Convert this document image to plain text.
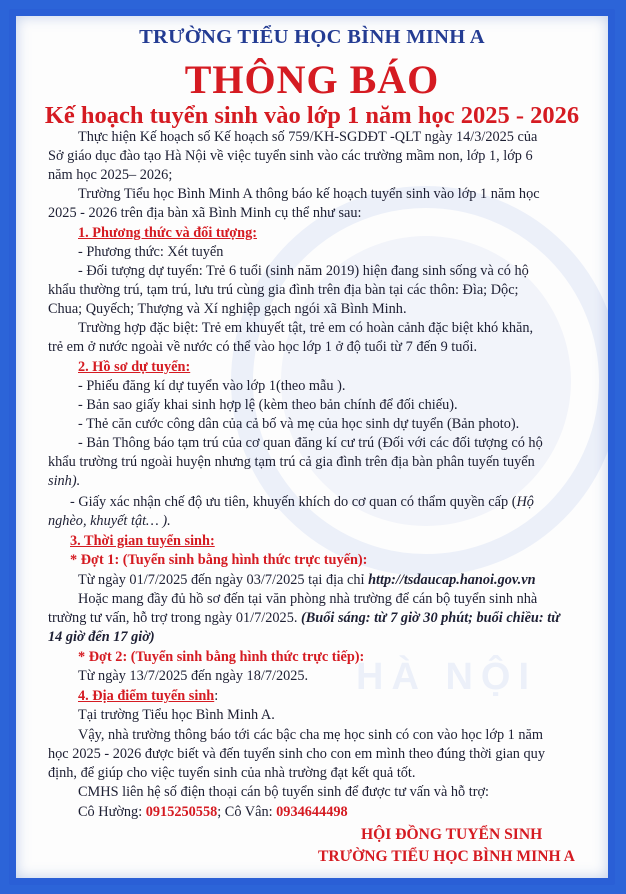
HÀ NỘI
TRƯỜNG TIỂU HỌC BÌNH MINH A
THÔNG BÁO
Kế hoạch tuyển sinh vào lớp 1 năm học 2025 - 2026
Thực hiện Kế hoạch số Kế hoạch số 759/KH-SGDĐT -QLT ngày 14/3/2025 của
Sở giáo dục đào tạo Hà Nội về việc tuyển sinh vào các trường mầm non, lớp 1, lớp 6
năm học 2025– 2026;
Trường Tiểu học Bình Minh A thông báo kế hoạch tuyển sinh vào lớp 1 năm học
2025 - 2026 trên địa bàn xã Bình Minh cụ thể như sau:
1. Phương thức và đối tượng:
- Phương thức: Xét tuyển
- Đối tượng dự tuyển: Trẻ 6 tuổi (sinh năm 2019) hiện đang sinh sống và có hộ
khẩu thường trú, tạm trú, lưu trú cùng gia đình trên địa bàn tại các thôn: Đìa; Dộc;
Chua; Quyếch; Thượng và Xí nghiệp gạch ngói xã Bình Minh.
Trường hợp đặc biệt: Trẻ em khuyết tật, trẻ em có hoàn cảnh đặc biệt khó khăn,
trẻ em ở nước ngoài về nước có thể vào học lớp 1 ở độ tuổi từ 7 đến 9 tuổi.
2. Hồ sơ dự tuyển:
- Phiếu đăng kí dự tuyển vào lớp 1(theo mẫu ).
- Bản sao giấy khai sinh hợp lệ (kèm theo bản chính để đối chiếu).
- Thẻ căn cước công dân của cả bố và mẹ của học sinh dự tuyển (Bản photo).
- Bản Thông báo tạm trú của cơ quan đăng kí cư trú (Đối với các đối tượng có hộ
khẩu trường trú ngoài huyện nhưng tạm trú cả gia đình trên địa bàn phân tuyến tuyển
sinh).
- Giấy xác nhận chế độ ưu tiên, khuyến khích do cơ quan có thẩm quyền cấp (Hộ
nghèo, khuyết tật… ).
3. Thời gian tuyển sinh:
* Đợt 1: (Tuyển sinh bằng hình thức trực tuyến):
Từ ngày 01/7/2025 đến ngày 03/7/2025 tại địa chỉ http://tsdaucap.hanoi.gov.vn
Hoặc mang đầy đủ hồ sơ đến tại văn phòng nhà trường để cán bộ tuyển sinh nhà
trường tư vấn, hỗ trợ trong ngày 01/7/2025. (Buổi sáng: từ 7 giờ 30 phút; buổi chiều: từ
14 giờ đến 17 giờ)
* Đợt 2: (Tuyển sinh bằng hình thức trực tiếp):
Từ ngày 13/7/2025 đến ngày 18/7/2025.
4. Địa điểm tuyển sinh:
Tại trường Tiểu học Bình Minh A.
Vậy, nhà trường thông báo tới các bậc cha mẹ học sinh có con vào học lớp 1 năm
học 2025 - 2026 được biết và đến tuyển sinh cho con em mình theo đúng thời gian quy
định, để giúp cho việc tuyển sinh của nhà trường đạt kết quả tốt.
CMHS liên hệ số điện thoại cán bộ tuyển sinh để được tư vấn và hỗ trợ:
Cô Hường: 0915250558; Cô Vân: 0934644498
HỘI ĐỒNG TUYỂN SINH
TRƯỜNG TIỂU HỌC BÌNH MINH A
